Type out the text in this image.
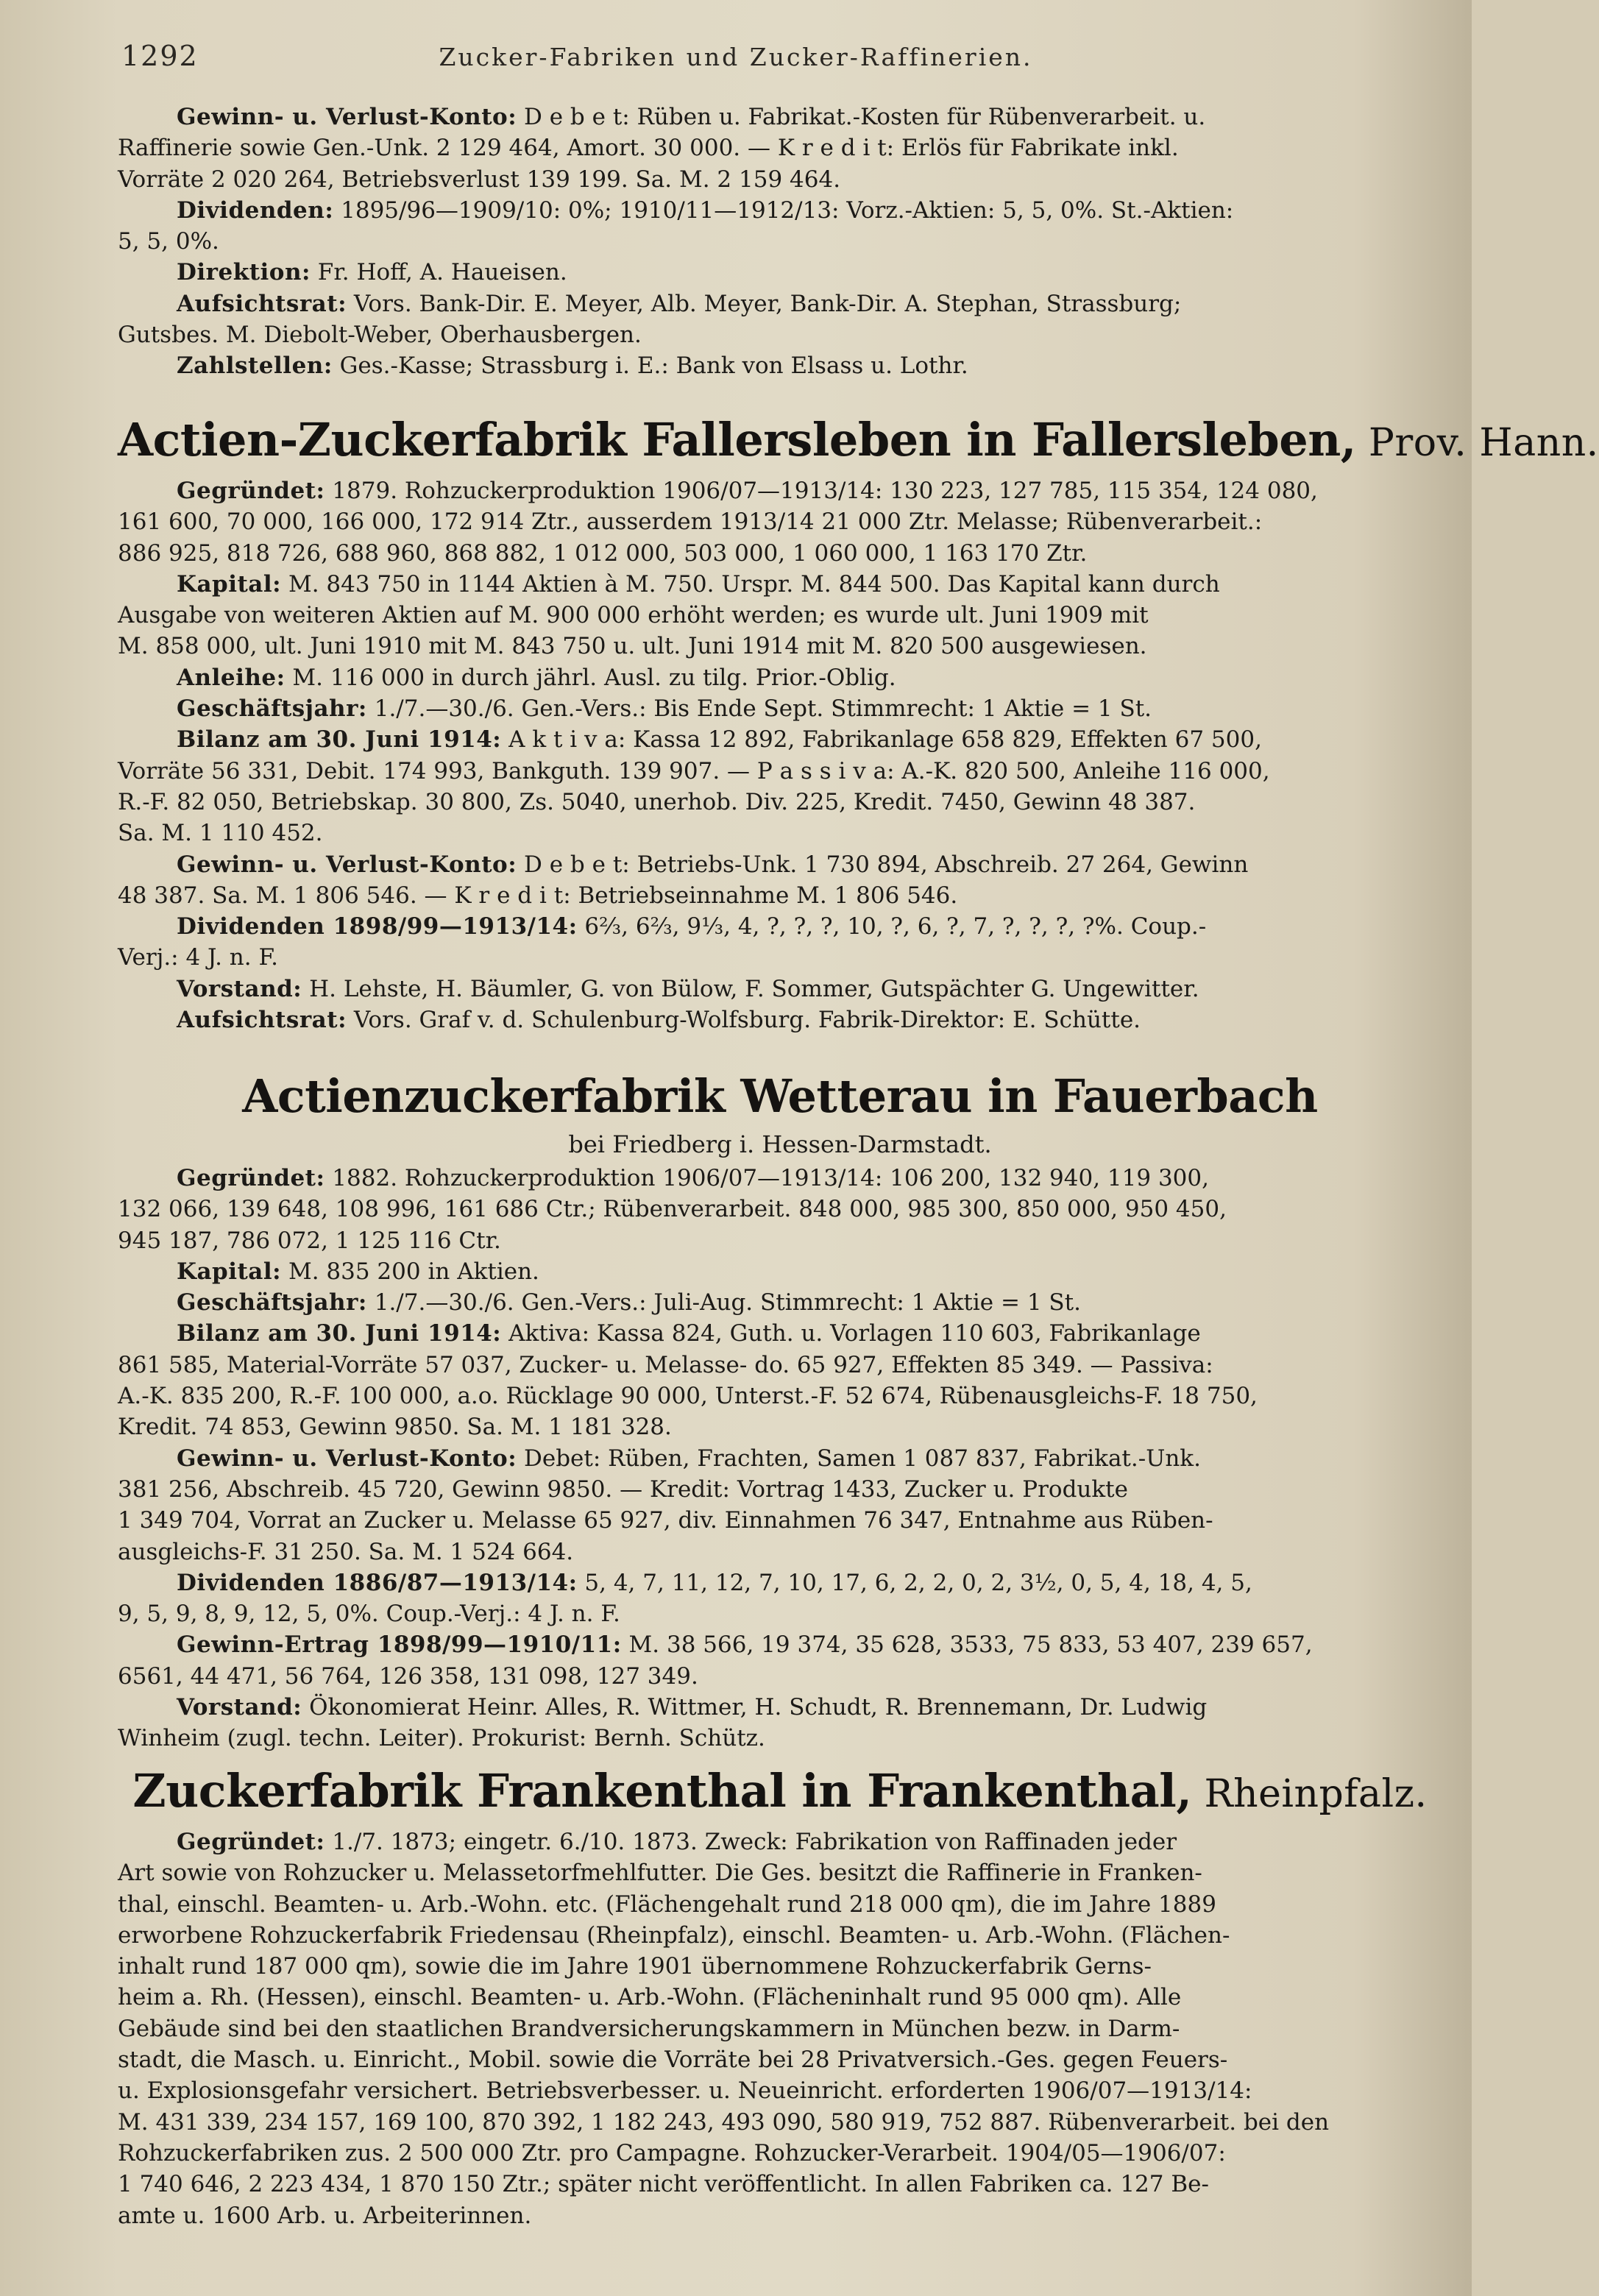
1292	Zucker-Fabriken und Zucker-Raffinerien.
Gewinn- u. Verlust-Konto: D e b e t: Rüben u. Fabrikat.-Kosten für Rübenverarbeit. u.
Raffinerie sowie Gen.-Unk. 2 129 464, Amort. 30 000. — K r e d i t: Erlös für Fabrikate inkl.
Vorräte 2 020 264, Betriebsverlust 139 199. Sa. M. 2 159 464.
Dividenden: 1895/96—1909/10: 0%; 1910/11—1912/13: Vorz.-Aktien: 5, 5, 0%. St.-Aktien:
5, 5, 0%.
Direktion: Fr. Hoff, A. Haueisen.
Aufsichtsrat: Vors. Bank-Dir. E. Meyer, Alb. Meyer, Bank-Dir. A. Stephan, Strassburg;
Gutsbes. M. Diebolt-Weber, Oberhausbergen.
Zahlstellen: Ges.-Kasse; Strassburg i. E.: Bank von Elsass u. Lothr.
Actien-Zuckerfabrik Fallersleben in Fallersleben, Prov. Hann.
Gegründet: 1879. Rohzuckerproduktion 1906/07—1913/14: 130 223, 127 785, 115 354, 124 080,
161 600, 70 000, 166 000, 172 914 Ztr., ausserdem 1913/14 21 000 Ztr. Melasse; Rübenverarbeit.:
886 925, 818 726, 688 960, 868 882, 1 012 000, 503 000, 1 060 000, 1 163 170 Ztr.
Kapital: M. 843 750 in 1144 Aktien à M. 750. Urspr. M. 844 500. Das Kapital kann durch
Ausgabe von weiteren Aktien auf M. 900 000 erhöht werden; es wurde ult. Juni 1909 mit
M. 858 000, ult. Juni 1910 mit M. 843 750 u. ult. Juni 1914 mit M. 820 500 ausgewiesen.
Anleihe: M. 116 000 in durch jährl. Ausl. zu tilg. Prior.-Oblig.
Geschäftsjahr: 1./7.—30./6. Gen.-Vers.: Bis Ende Sept. Stimmrecht: 1 Aktie = 1 St.
Bilanz am 30. Juni 1914: A k t i v a: Kassa 12 892, Fabrikanlage 658 829, Effekten 67 500,
Vorräte 56 331, Debit. 174 993, Bankguth. 139 907. — P a s s i v a: A.-K. 820 500, Anleihe 116 000,
R.-F. 82 050, Betriebskap. 30 800, Zs. 5040, unerhob. Div. 225, Kredit. 7450, Gewinn 48 387.
Sa. M. 1 110 452.
Gewinn- u. Verlust-Konto: D e b e t: Betriebs-Unk. 1 730 894, Abschreib. 27 264, Gewinn
48 387. Sa. M. 1 806 546. — K r e d i t: Betriebseinnahme M. 1 806 546.
Dividenden 1898/99—1913/14: 6⅔, 6⅔, 9⅓, 4, ?, ?, ?, 10, ?, 6, ?, 7, ?, ?, ?, ?%. Coup.-
Verj.: 4 J. n. F.
Vorstand: H. Lehste, H. Bäumler, G. von Bülow, F. Sommer, Gutspächter G. Ungewitter.
Aufsichtsrat: Vors. Graf v. d. Schulenburg-Wolfsburg. Fabrik-Direktor: E. Schütte.
Actienzuckerfabrik Wetterau in Fauerbach
bei Friedberg i. Hessen-Darmstadt.
Gegründet: 1882. Rohzuckerproduktion 1906/07—1913/14: 106 200, 132 940, 119 300,
132 066, 139 648, 108 996, 161 686 Ctr.; Rübenverarbeit. 848 000, 985 300, 850 000, 950 450,
945 187, 786 072, 1 125 116 Ctr.
Kapital: M. 835 200 in Aktien.
Geschäftsjahr: 1./7.—30./6. Gen.-Vers.: Juli-Aug. Stimmrecht: 1 Aktie = 1 St.
Bilanz am 30. Juni 1914: Aktiva: Kassa 824, Guth. u. Vorlagen 110 603, Fabrikanlage
861 585, Material-Vorräte 57 037, Zucker- u. Melasse- do. 65 927, Effekten 85 349. — Passiva:
A.-K. 835 200, R.-F. 100 000, a.o. Rücklage 90 000, Unterst.-F. 52 674, Rübenausgleichs-F. 18 750,
Kredit. 74 853, Gewinn 9850. Sa. M. 1 181 328.
Gewinn- u. Verlust-Konto: Debet: Rüben, Frachten, Samen 1 087 837, Fabrikat.-Unk.
381 256, Abschreib. 45 720, Gewinn 9850. — Kredit: Vortrag 1433, Zucker u. Produkte
1 349 704, Vorrat an Zucker u. Melasse 65 927, div. Einnahmen 76 347, Entnahme aus Rüben-
ausgleichs-F. 31 250. Sa. M. 1 524 664.
Dividenden 1886/87—1913/14: 5, 4, 7, 11, 12, 7, 10, 17, 6, 2, 2, 0, 2, 3½, 0, 5, 4, 18, 4, 5,
9, 5, 9, 8, 9, 12, 5, 0%. Coup.-Verj.: 4 J. n. F.
Gewinn-Ertrag 1898/99—1910/11: M. 38 566, 19 374, 35 628, 3533, 75 833, 53 407, 239 657,
6561, 44 471, 56 764, 126 358, 131 098, 127 349.
Vorstand: Ökonomierat Heinr. Alles, R. Wittmer, H. Schudt, R. Brennemann, Dr. Ludwig
Winheim (zugl. techn. Leiter). Prokurist: Bernh. Schütz.
Zuckerfabrik Frankenthal in Frankenthal, Rheinpfalz.
Gegründet: 1./7. 1873; eingetr. 6./10. 1873. Zweck: Fabrikation von Raffinaden jeder
Art sowie von Rohzucker u. Melassetorfmehlfutter. Die Ges. besitzt die Raffinerie in Franken-
thal, einschl. Beamten- u. Arb.-Wohn. etc. (Flächengehalt rund 218 000 qm), die im Jahre 1889
erworbene Rohzuckerfabrik Friedensau (Rheinpfalz), einschl. Beamten- u. Arb.-Wohn. (Flächen-
inhalt rund 187 000 qm), sowie die im Jahre 1901 übernommene Rohzuckerfabrik Gerns-
heim a. Rh. (Hessen), einschl. Beamten- u. Arb.-Wohn. (Flächeninhalt rund 95 000 qm). Alle
Gebäude sind bei den staatlichen Brandversicherungskammern in München bezw. in Darm-
stadt, die Masch. u. Einricht., Mobil. sowie die Vorräte bei 28 Privatversich.-Ges. gegen Feuers-
u. Explosionsgefahr versichert. Betriebsverbesser. u. Neueinricht. erforderten 1906/07—1913/14:
M. 431 339, 234 157, 169 100, 870 392, 1 182 243, 493 090, 580 919, 752 887. Rübenverarbeit. bei den
Rohzuckerfabriken zus. 2 500 000 Ztr. pro Campagne. Rohzucker-Verarbeit. 1904/05—1906/07:
1 740 646, 2 223 434, 1 870 150 Ztr.; später nicht veröffentlicht. In allen Fabriken ca. 127 Be-
amte u. 1600 Arb. u. Arbeiterinnen.
